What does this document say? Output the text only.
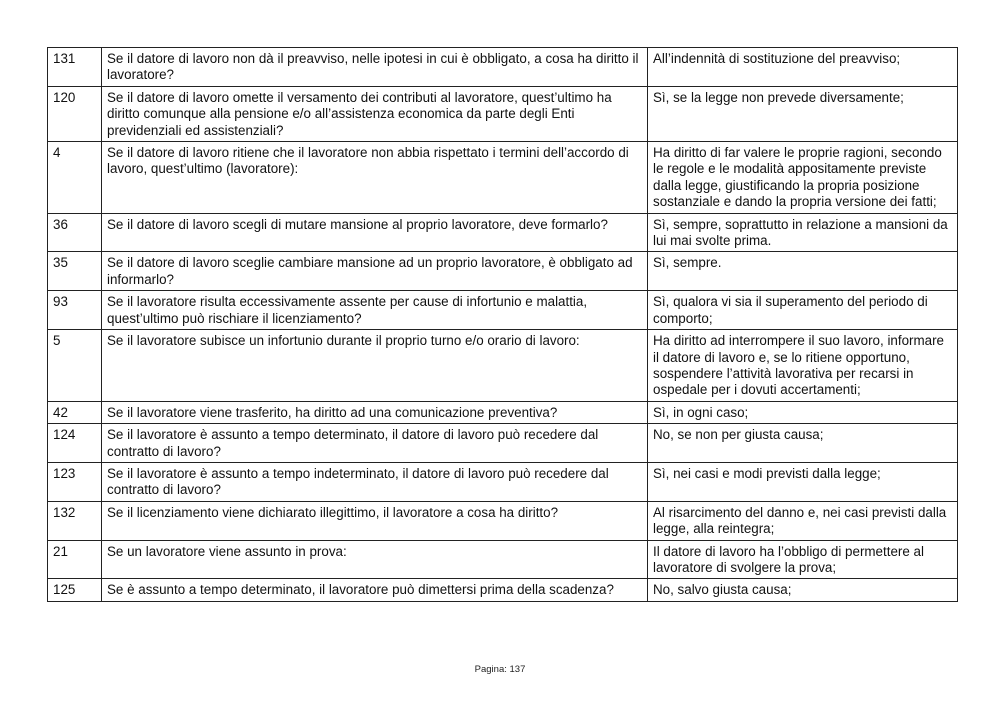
131	Se il datore di lavoro non dà il preavviso, nelle ipotesi in cui è obbligato, a cosa ha diritto il lavoratore?	All’indennità di sostituzione del preavviso;
120	Se il datore di lavoro omette il versamento dei contributi al lavoratore, quest’ultimo ha diritto comunque alla pensione e/o all’assistenza economica da parte degli Enti previdenziali ed assistenziali?	Sì, se la legge non prevede diversamente;
4	Se il datore di lavoro ritiene che il lavoratore non abbia rispettato i termini dell’accordo di lavoro, quest’ultimo (lavoratore):	Ha diritto di far valere le proprie ragioni, secondo le regole e le modalità appositamente previste dalla legge, giustificando la propria posizione sostanziale e dando la propria versione dei fatti;
36	Se il datore di lavoro scegli di mutare mansione al proprio lavoratore, deve formarlo?	Sì, sempre, soprattutto in relazione a mansioni da lui mai svolte prima.
35	Se il datore di lavoro sceglie cambiare mansione ad un proprio lavoratore, è obbligato ad informarlo?	Sì, sempre.
93	Se il lavoratore risulta eccessivamente assente per cause di infortunio e malattia, quest’ultimo può rischiare il licenziamento?	Sì, qualora vi sia il superamento del periodo di comporto;
5	Se il lavoratore subisce un infortunio durante il proprio turno e/o orario di lavoro:	Ha diritto ad interrompere il suo lavoro, informare il datore di lavoro e, se lo ritiene opportuno, sospendere l’attività lavorativa per recarsi in ospedale per i dovuti accertamenti;
42	Se il lavoratore viene trasferito, ha diritto ad una comunicazione preventiva?	Sì, in ogni caso;
124	Se il lavoratore è assunto a tempo determinato, il datore di lavoro può recedere dal contratto di lavoro?	No, se non per giusta causa;
123	Se il lavoratore è assunto a tempo indeterminato, il datore di lavoro può recedere dal contratto di lavoro?	Sì, nei casi e modi previsti dalla legge;
132	Se il licenziamento viene dichiarato illegittimo, il lavoratore a cosa ha diritto?	Al risarcimento del danno e, nei casi previsti dalla legge, alla reintegra;
21	Se un lavoratore viene assunto in prova:	Il datore di lavoro ha l’obbligo di permettere al lavoratore di svolgere la prova;
125	Se è assunto a tempo determinato, il lavoratore può dimettersi prima della scadenza?	No, salvo giusta causa;
Pagina: 137
